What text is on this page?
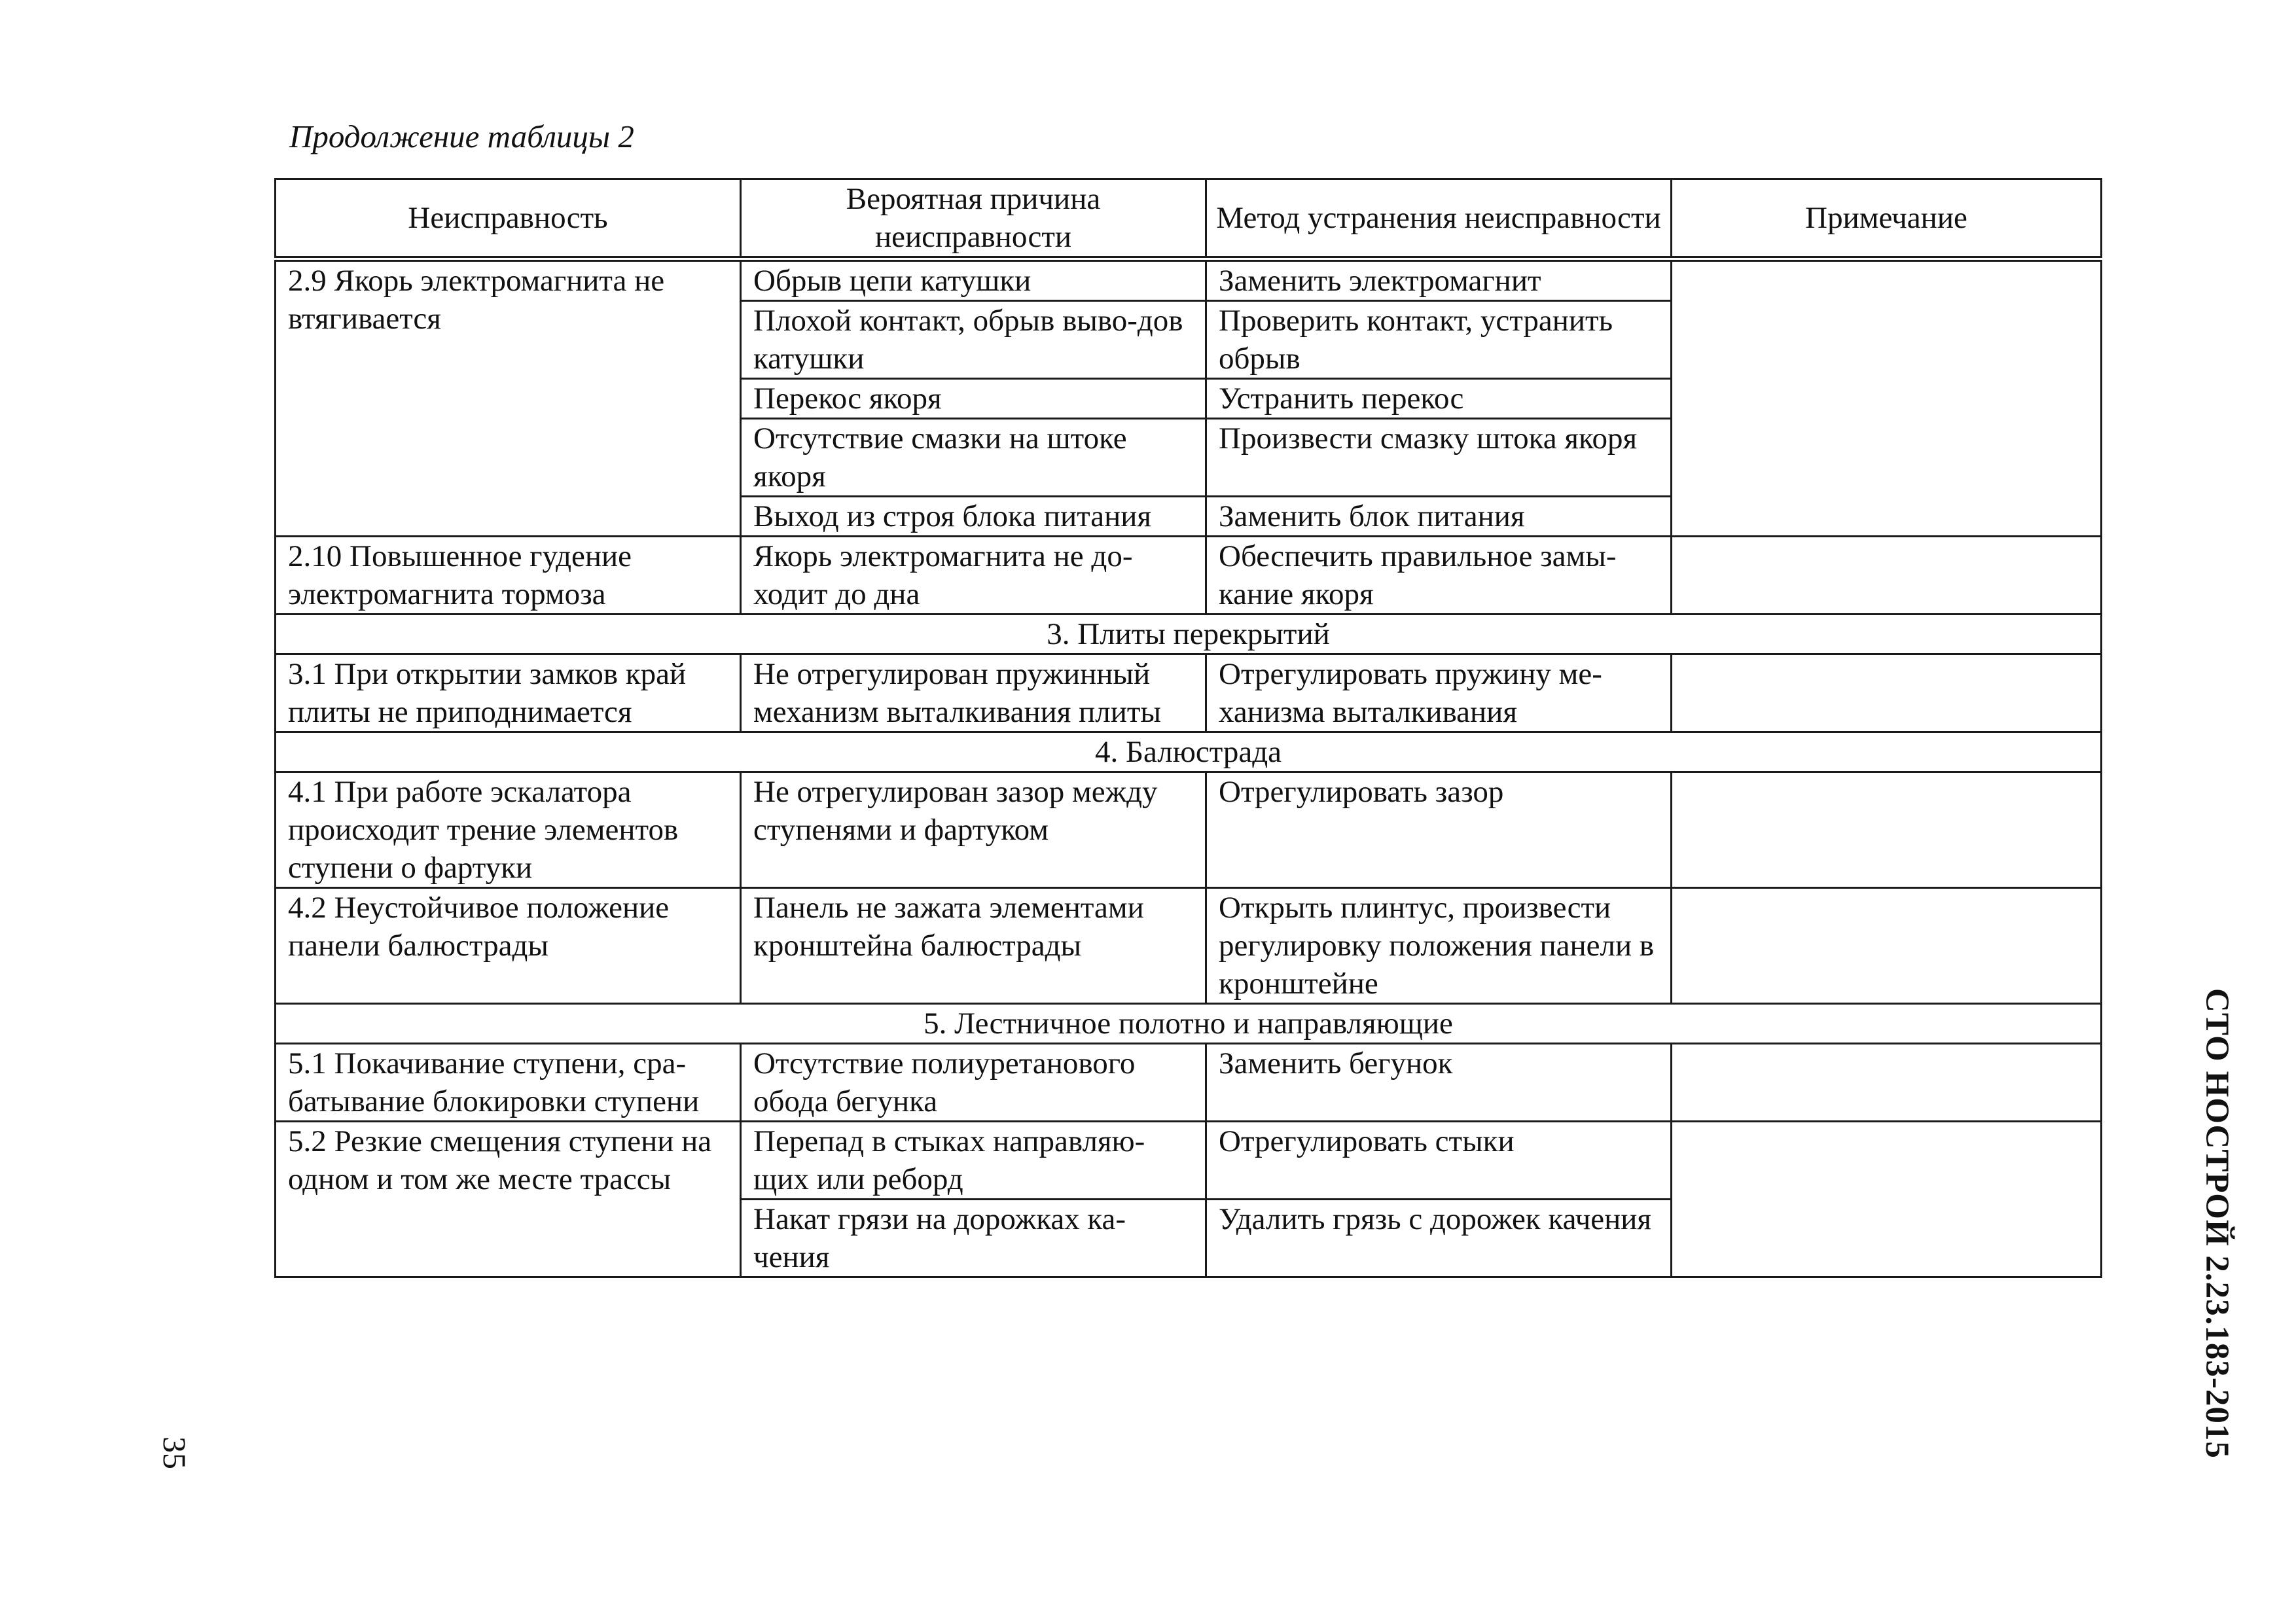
Продолжение таблицы 2
Неисправность	Вероятная причина неисправности	Метод устранения неисправности	Примечание
2.9 Якорь электромагнита не втягивается	Обрыв цепи катушки	Заменить электромагнит	
	Плохой контакт, обрыв выво-дов катушки	Проверить контакт, устранить обрыв	
	Перекос якоря	Устранить перекос	
	Отсутствие смазки на штоке якоря	Произвести смазку штока якоря	
	Выход из строя блока питания	Заменить блок питания	
2.10 Повышенное гудение электромагнита тормоза	Якорь электромагнита не до-ходит до дна	Обеспечить правильное замы-кание якоря	
3. Плиты перекрытий			
3.1 При открытии замков край плиты не приподнимается	Не отрегулирован пружинный механизм выталкивания плиты	Отрегулировать пружину ме-ханизма выталкивания	
4. Балюстрада			
4.1 При работе эскалатора происходит трение элементов ступени о фартуки	Не отрегулирован зазор между ступенями и фартуком	Отрегулировать зазор	
4.2 Неустойчивое положение панели балюстрады	Панель не зажата элементами кронштейна балюстрады	Открыть плинтус, произвести регулировку положения панели в кронштейне	
5. Лестничное полотно и направляющие			
5.1 Покачивание ступени, сра-батывание блокировки ступени	Отсутствие полиуретанового обода бегунка	Заменить бегунок	
5.2 Резкие смещения ступени на одном и том же месте трассы	Перепад в стыках направляю-щих или реборд	Отрегулировать стыки	
	Накат грязи на дорожках ка-чения	Удалить грязь с дорожек качения		СТО НОСТРОЙ 2.23.183-2015
35
